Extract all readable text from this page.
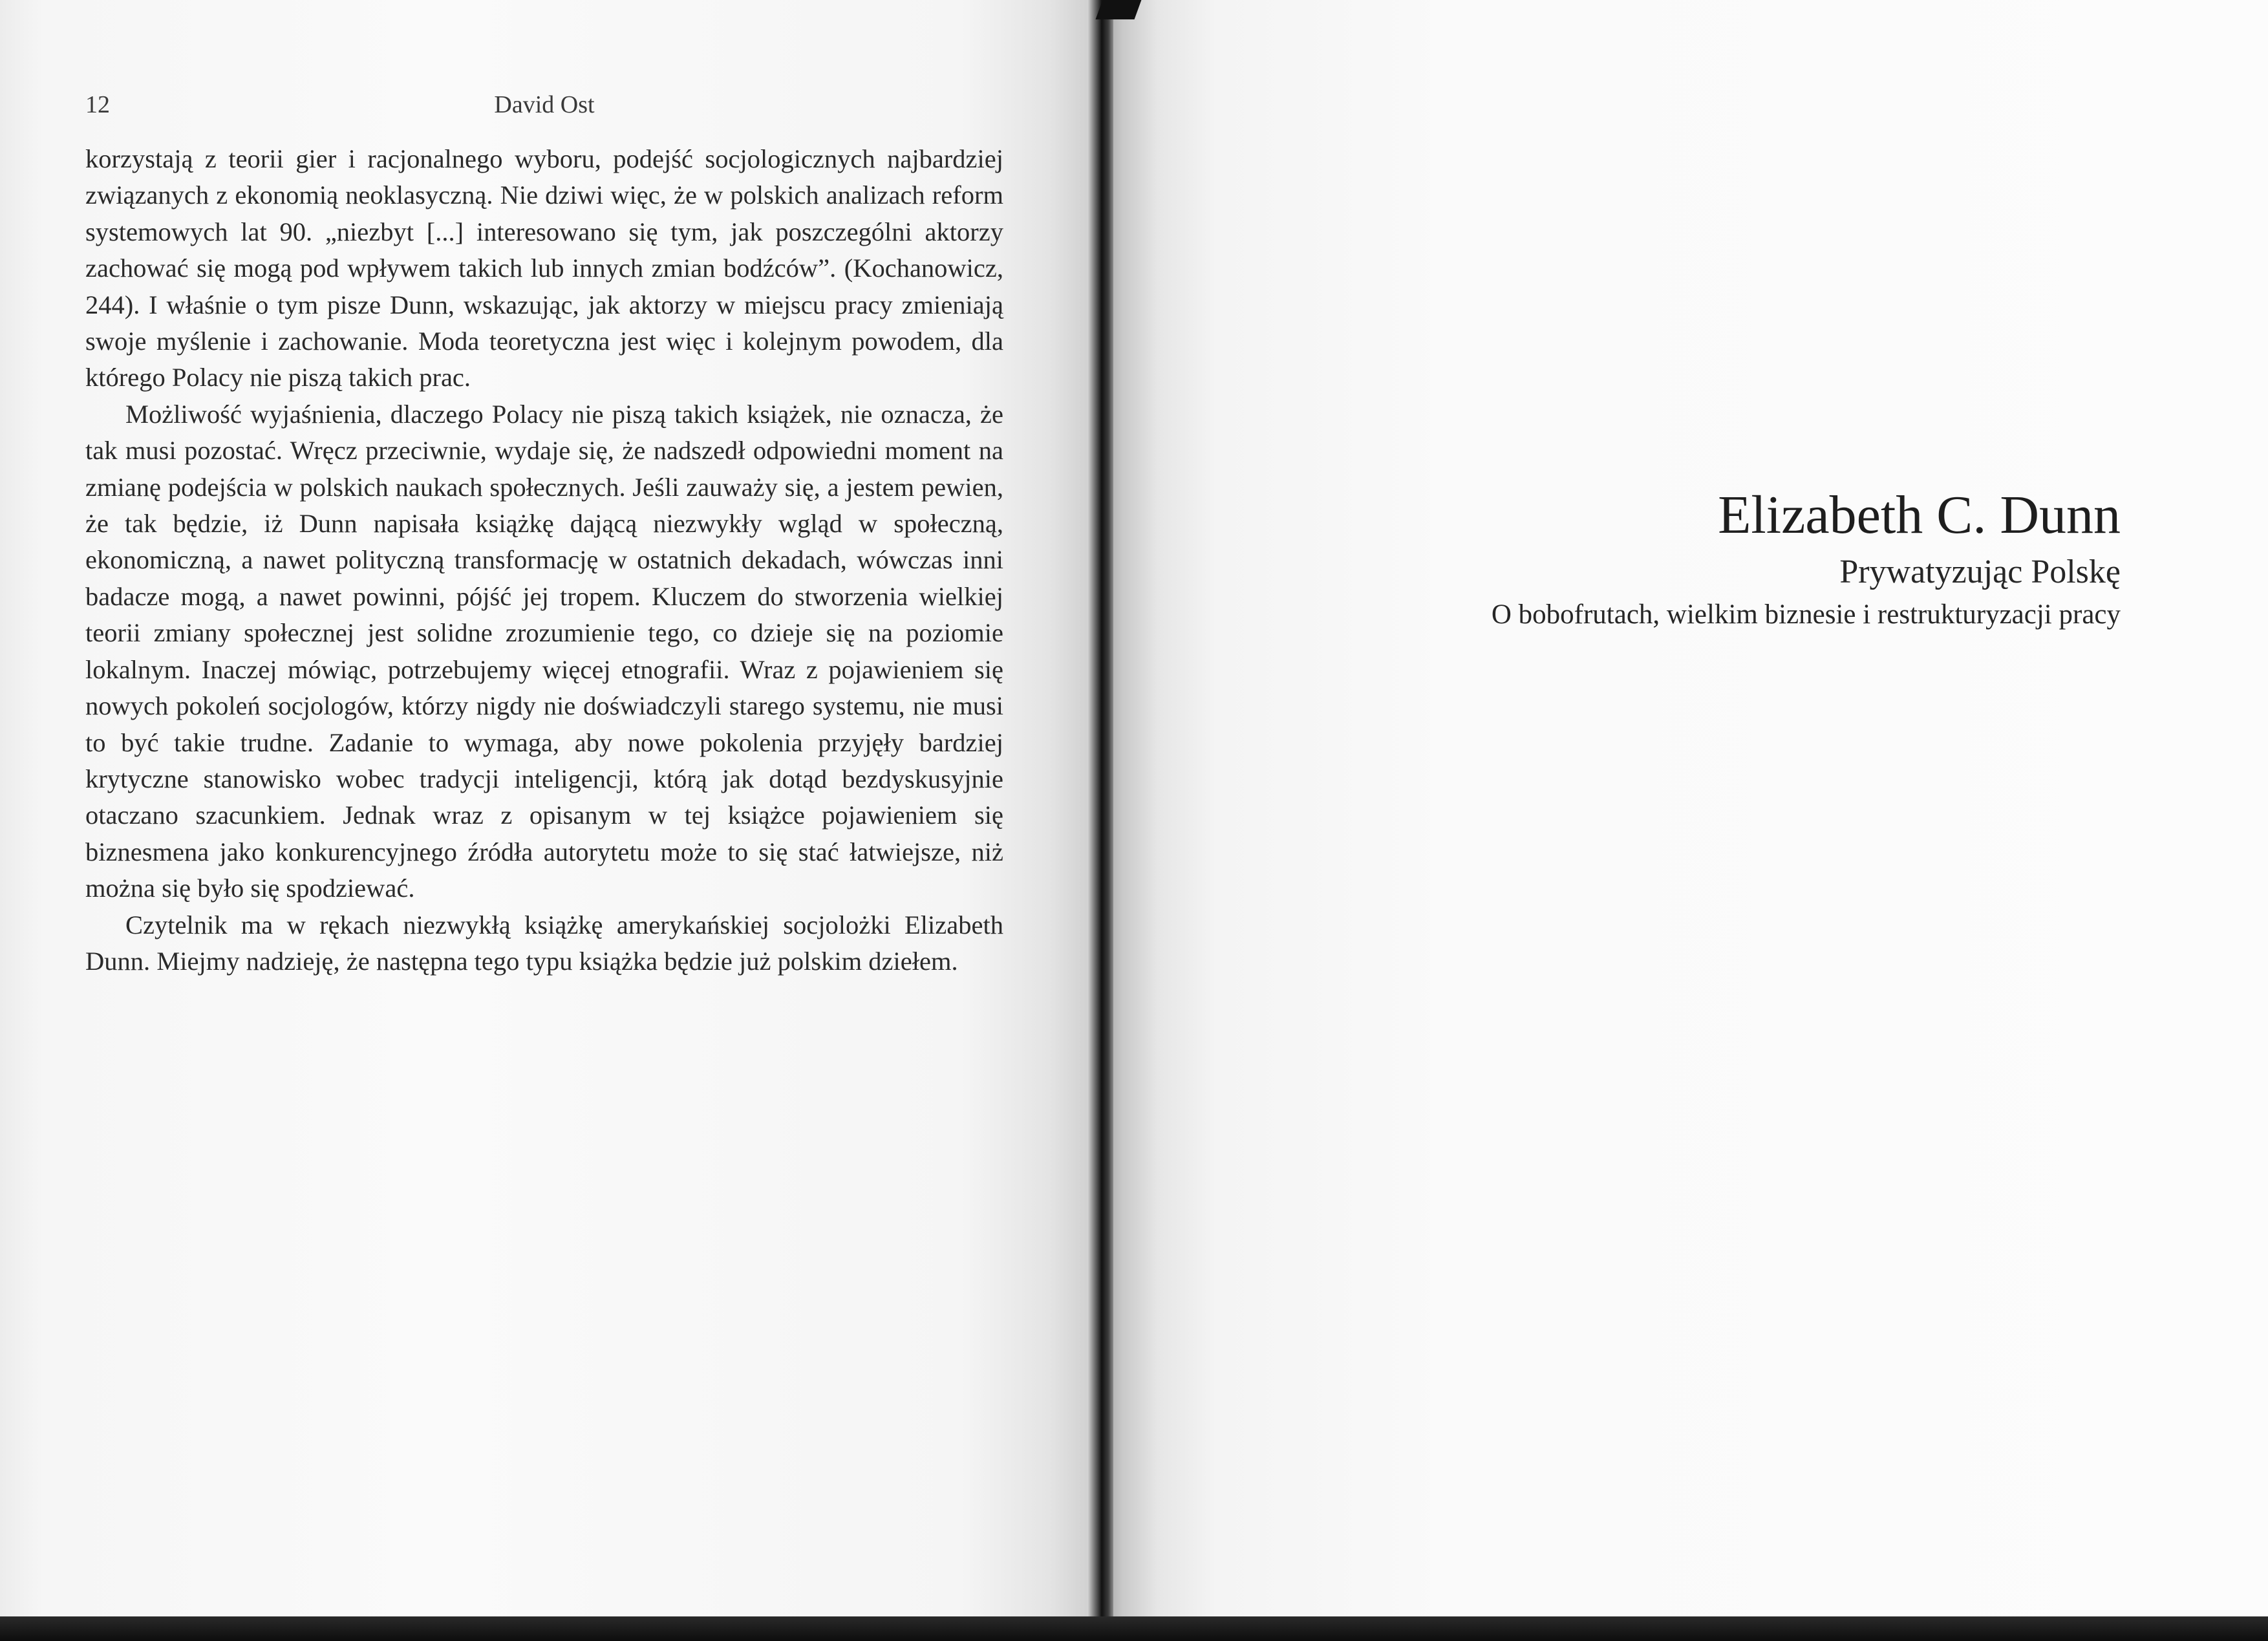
12	David Ost

korzystają z teorii gier i racjonalnego wyboru, podejść socjologicznych najbardziej związanych z ekonomią neoklasyczną. Nie dziwi więc, że w polskich analizach reform systemowych lat 90. „niezbyt [...] interesowano się tym, jak poszczególni aktorzy zachować się mogą pod wpływem takich lub innych zmian bodźców”. (Kochanowicz, 244). I właśnie o tym pisze Dunn, wskazując, jak aktorzy w miejscu pracy zmieniają swoje myślenie i zachowanie. Moda teoretyczna jest więc i kolejnym powodem, dla którego Polacy nie piszą takich prac.

Możliwość wyjaśnienia, dlaczego Polacy nie piszą takich książek, nie oznacza, że tak musi pozostać. Wręcz przeciwnie, wydaje się, że nadszedł odpowiedni moment na zmianę podejścia w polskich naukach społecznych. Jeśli zauważy się, a jestem pewien, że tak będzie, iż Dunn napisała książkę dającą niezwykły wgląd w społeczną, ekonomiczną, a nawet polityczną transformację w ostatnich dekadach, wówczas inni badacze mogą, a nawet powinni, pójść jej tropem. Kluczem do stworzenia wielkiej teorii zmiany społecznej jest solidne zrozumienie tego, co dzieje się na poziomie lokalnym. Inaczej mówiąc, potrzebujemy więcej etnografii. Wraz z pojawieniem się nowych pokoleń socjologów, którzy nigdy nie doświadczyli starego systemu, nie musi to być takie trudne. Zadanie to wymaga, aby nowe pokolenia przyjęły bardziej krytyczne stanowisko wobec tradycji inteligencji, którą jak dotąd bezdyskusyjnie otaczano szacunkiem. Jednak wraz z opisanym w tej książce pojawieniem się biznesmena jako konkurencyjnego źródła autorytetu może to się stać łatwiejsze, niż można się było się spodziewać.

Czytelnik ma w rękach niezwykłą książkę amerykańskiej socjolożki Elizabeth Dunn. Miejmy nadzieję, że następna tego typu książka będzie już polskim dziełem.

Elizabeth C. Dunn
Prywatyzując Polskę
O bobofrutach, wielkim biznesie i restrukturyzacji pracy
